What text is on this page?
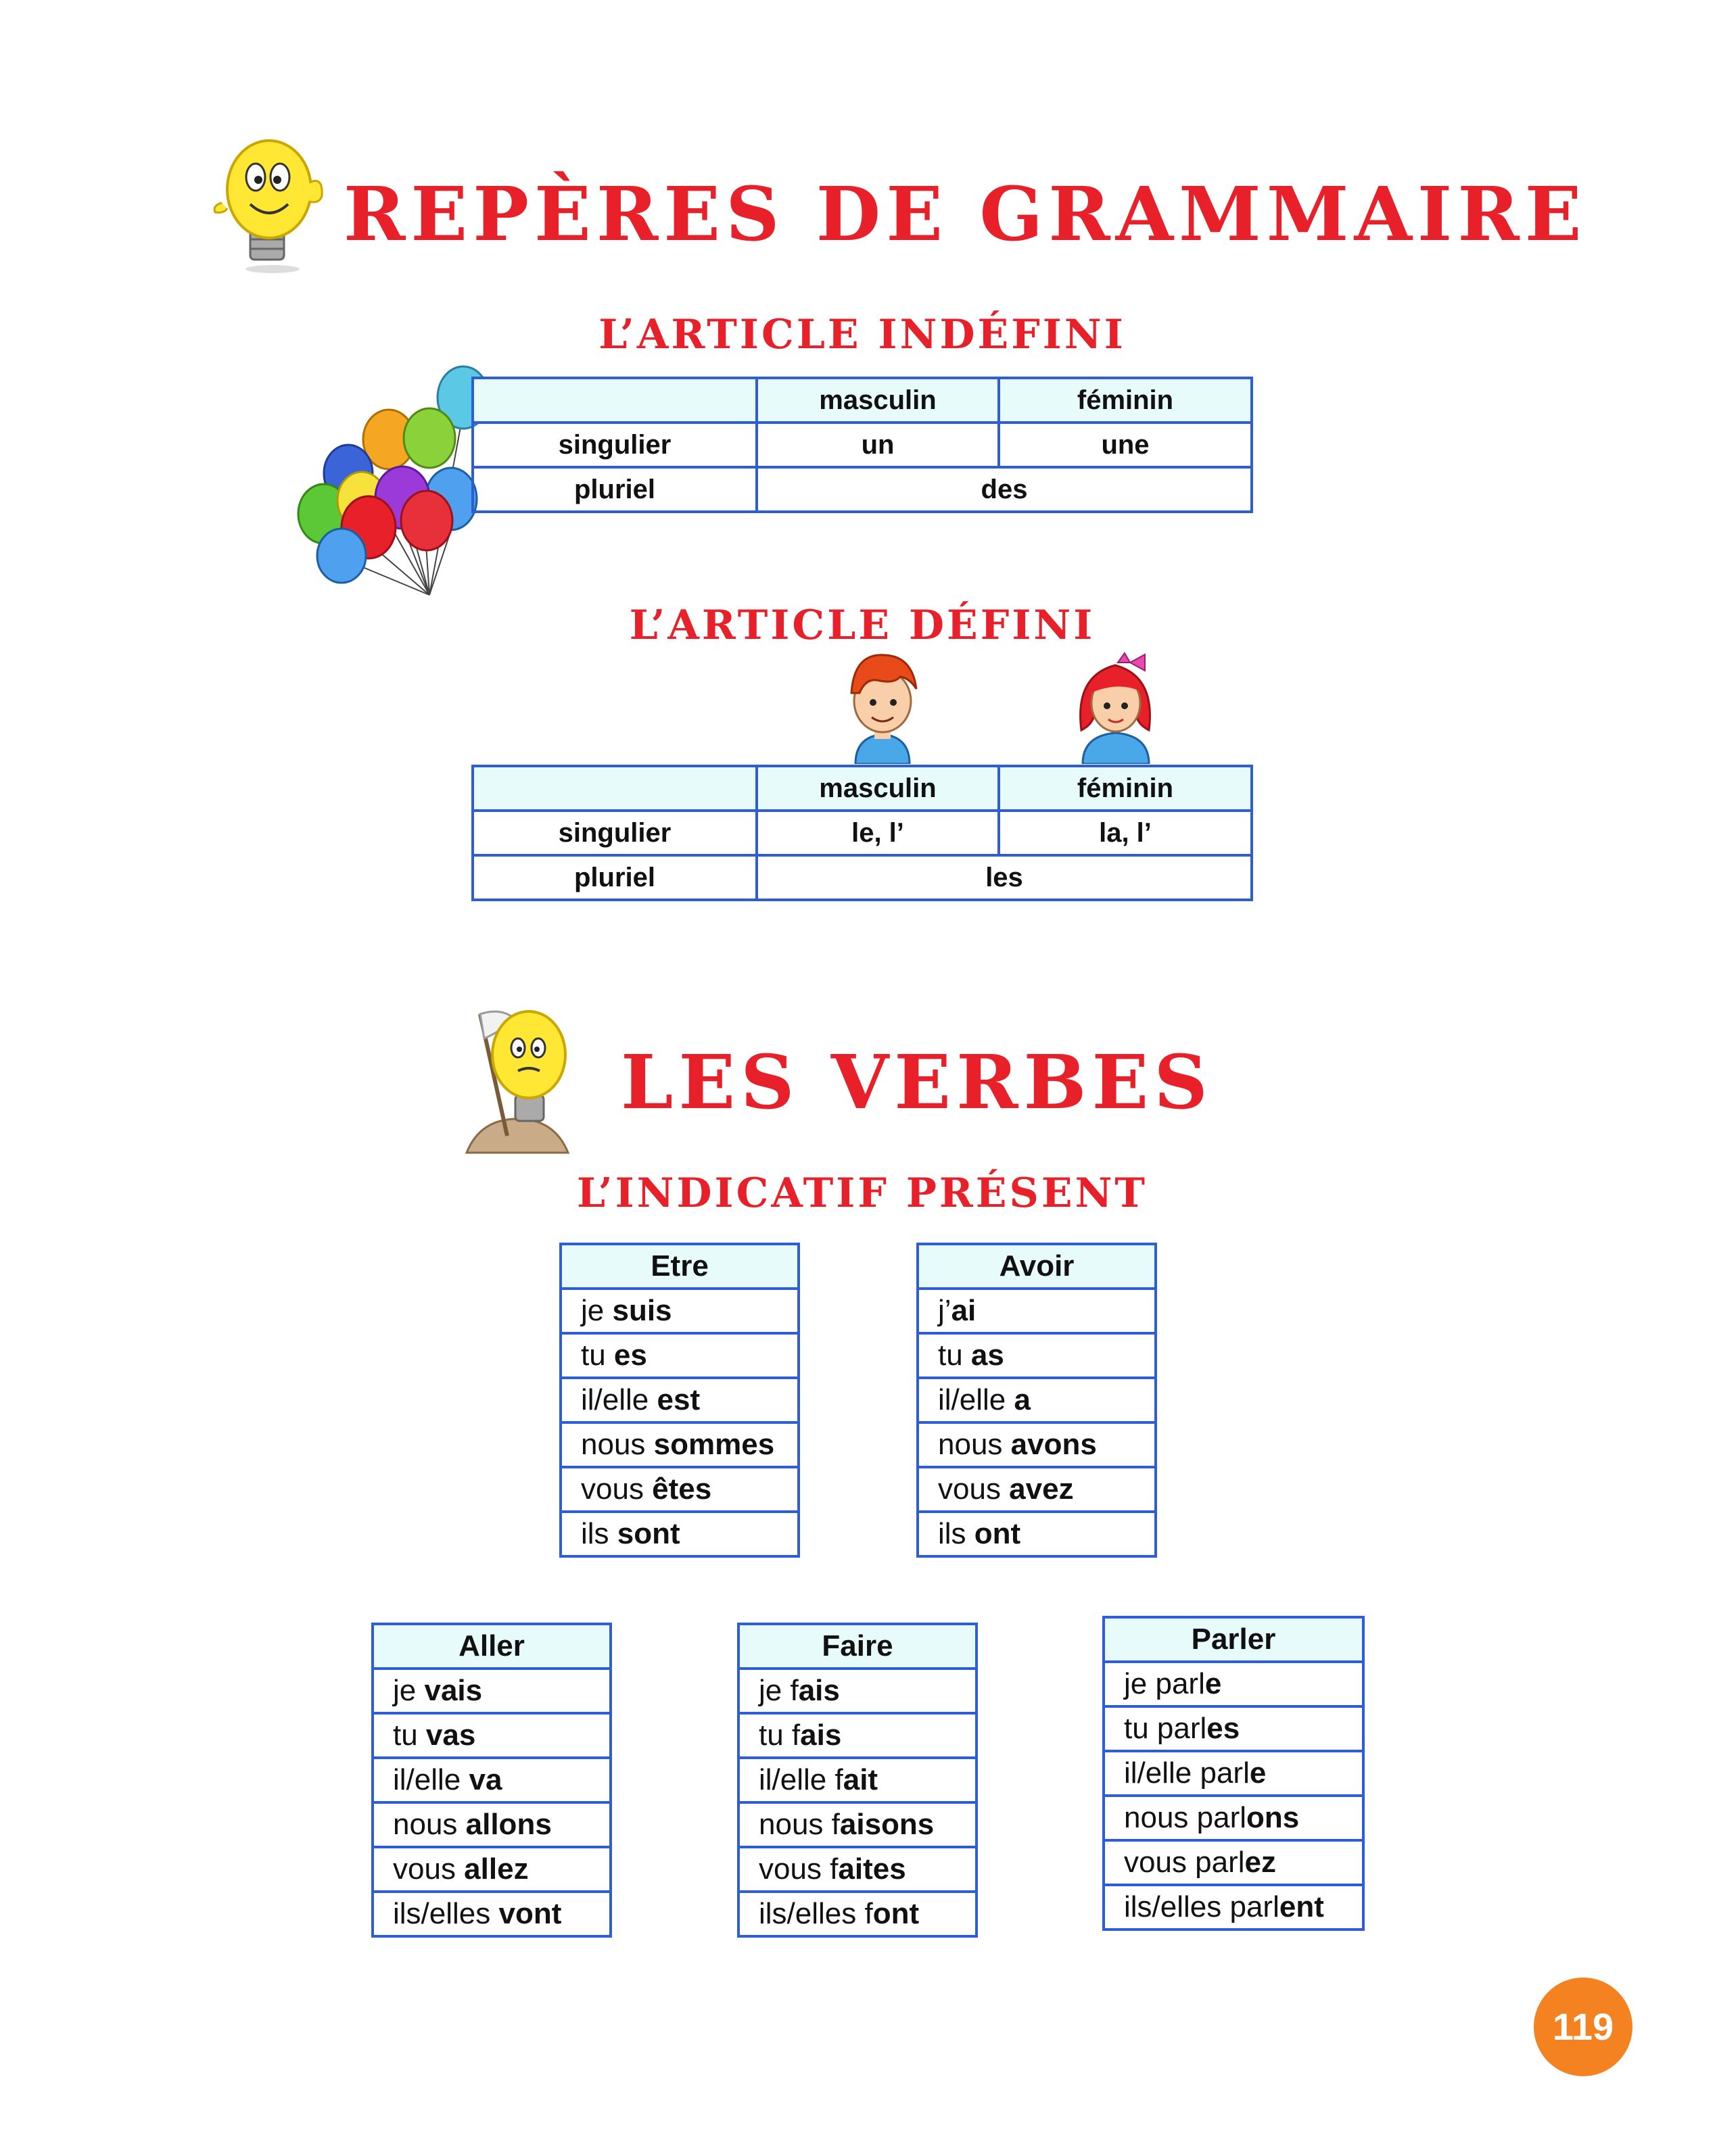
REPÈRES DE GRAMMAIRE
L’ARTICLE INDÉFINI
	masculin	féminin
singulier	un	une
pluriel	des	
L’ARTICLE DÉFINI
	masculin	féminin
singulier	le, l’	la, l’
pluriel	les	
LES VERBES
L’INDICATIF PRÉSENT
Etre
je suis
tu es
il/elle est
nous sommes
vous êtes
ils sont
Avoir
j’ai
tu as
il/elle a
nous avons
vous avez
ils ont
Aller
je vais
tu vas
il/elle va
nous allons
vous allez
ils/elles vont
Faire
je fais
tu fais
il/elle fait
nous faisons
vous faites
ils/elles font
Parler
je parle
tu parles
il/elle parle
nous parlons
vous parlez
ils/elles parlent
119
